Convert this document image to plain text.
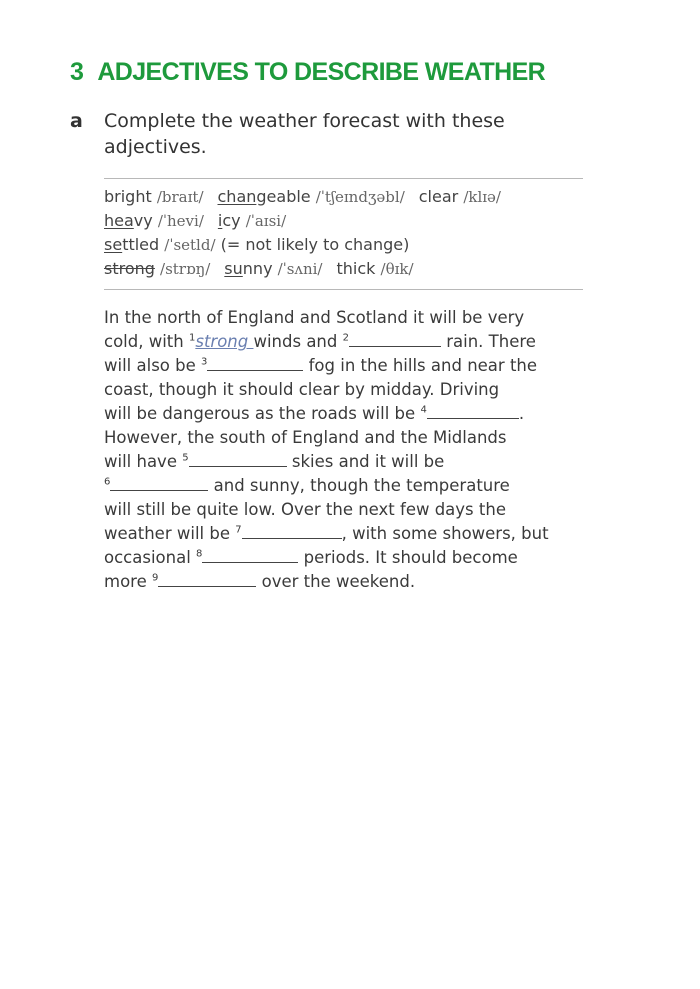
3 ADJECTIVES TO DESCRIBE WEATHER
a Complete the weather forecast with these adjectives.
bright /braɪt/ changeable /ˈtʃeɪndʒəbl/ clear /klɪə/
heavy /ˈhevi/ icy /ˈaɪsi/
settled /ˈsetld/ (= not likely to change)
strong /strɒŋ/ sunny /ˈsʌni/ thick /θɪk/
In the north of England and Scotland it will be very
cold, with $^1$strong winds and $^2$	rain. There
will also be $^3$	fog in the hills and near the
coast, though it should clear by midday. Driving
will be dangerous as the roads will be $^4$	.
However, the south of England and the Midlands
will have $^5$	skies and it will be
$^6$	and sunny, though the temperature
will still be quite low. Over the next few days the
weather will be $^7$	, with some showers, but
occasional $^8$	periods. It should become
more $^9$	over the weekend.
